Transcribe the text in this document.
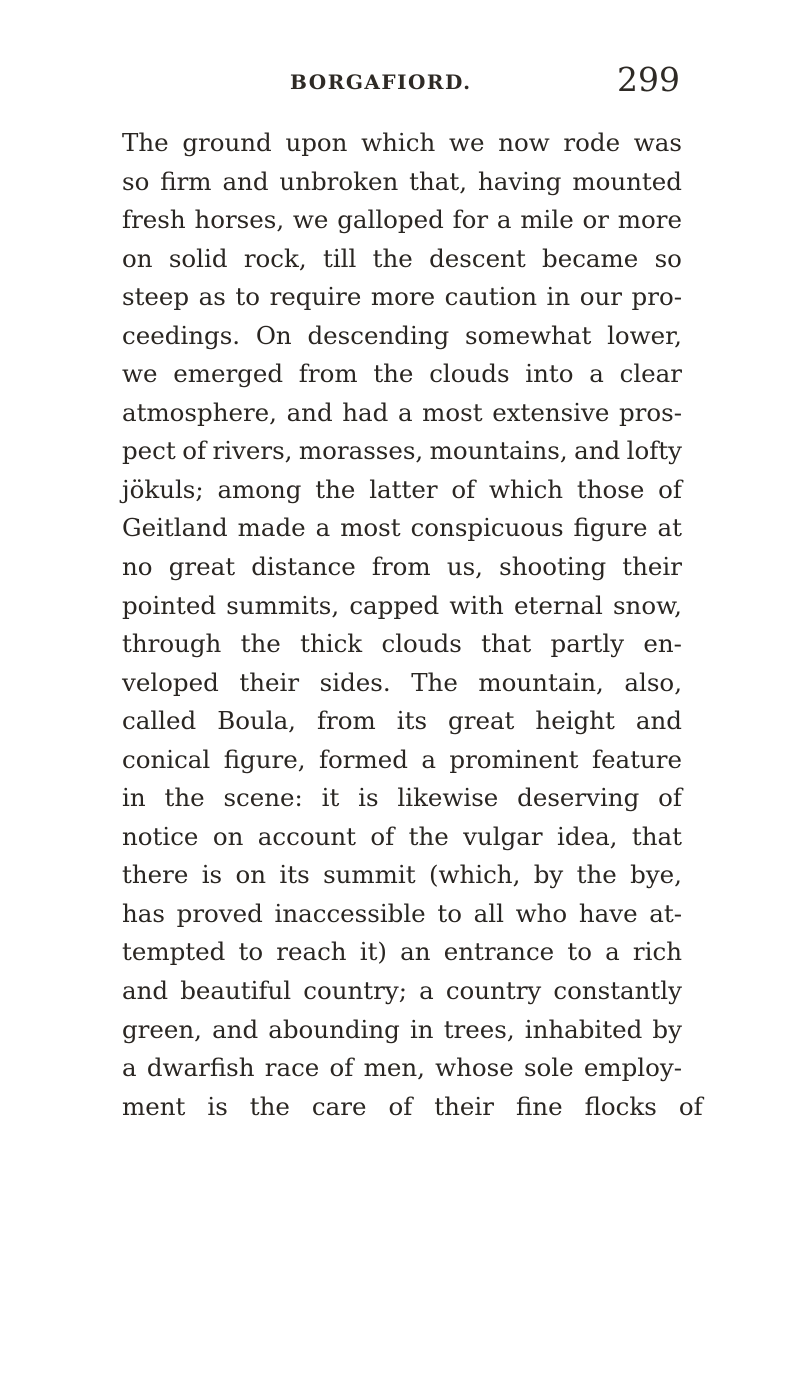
BORGAFIORD.	299
The ground upon which we now rode was
so firm and unbroken that, having mounted
fresh horses, we galloped for a mile or more
on solid rock, till the descent became so
steep as to require more caution in our pro-
ceedings. On descending somewhat lower,
we emerged from the clouds into a clear
atmosphere, and had a most extensive pros-
pect of rivers, morasses, mountains, and lofty
jökuls; among the latter of which those of
Geitland made a most conspicuous figure at
no great distance from us, shooting their
pointed summits, capped with eternal snow,
through the thick clouds that partly en-
veloped their sides. The mountain, also,
called Boula, from its great height and
conical figure, formed a prominent feature
in the scene: it is likewise deserving of
notice on account of the vulgar idea, that
there is on its summit (which, by the bye,
has proved inaccessible to all who have at-
tempted to reach it) an entrance to a rich
and beautiful country; a country constantly
green, and abounding in trees, inhabited by
a dwarfish race of men, whose sole employ-
ment is the care of their fine flocks of
